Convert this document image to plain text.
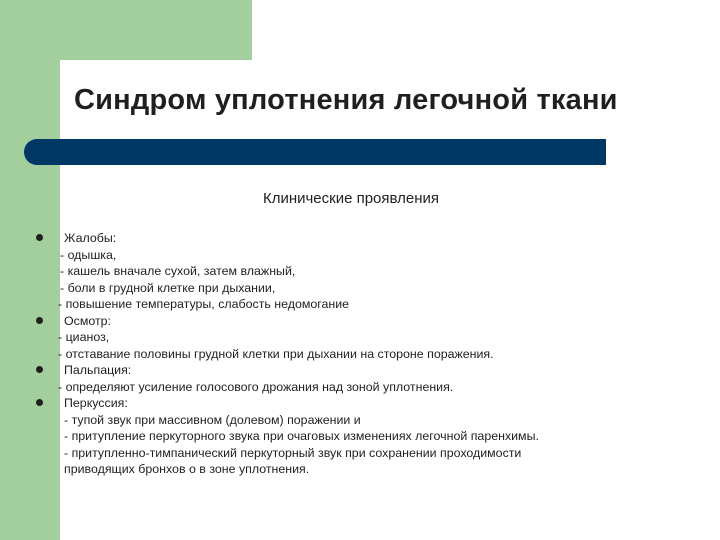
Синдром уплотнения легочной ткани
Клинические проявления
Жалобы:
- одышка,
- кашель вначале сухой, затем влажный,
- боли в грудной клетке при дыхании,
- повышение температуры, слабость недомогание
Осмотр:
- цианоз,
- отставание половины грудной клетки при дыхании на стороне поражения.
Пальпация:
- определяют усиление голосового дрожания над зоной уплотнения.
Перкуссия:
- тупой звук при массивном (долевом) поражении и
- притупление перкуторного звука при очаговых изменениях легочной паренхимы.
- притупленно-тимпанический перкуторный звук при сохранении проходимости
приводящих бронхов о в зоне уплотнения.
